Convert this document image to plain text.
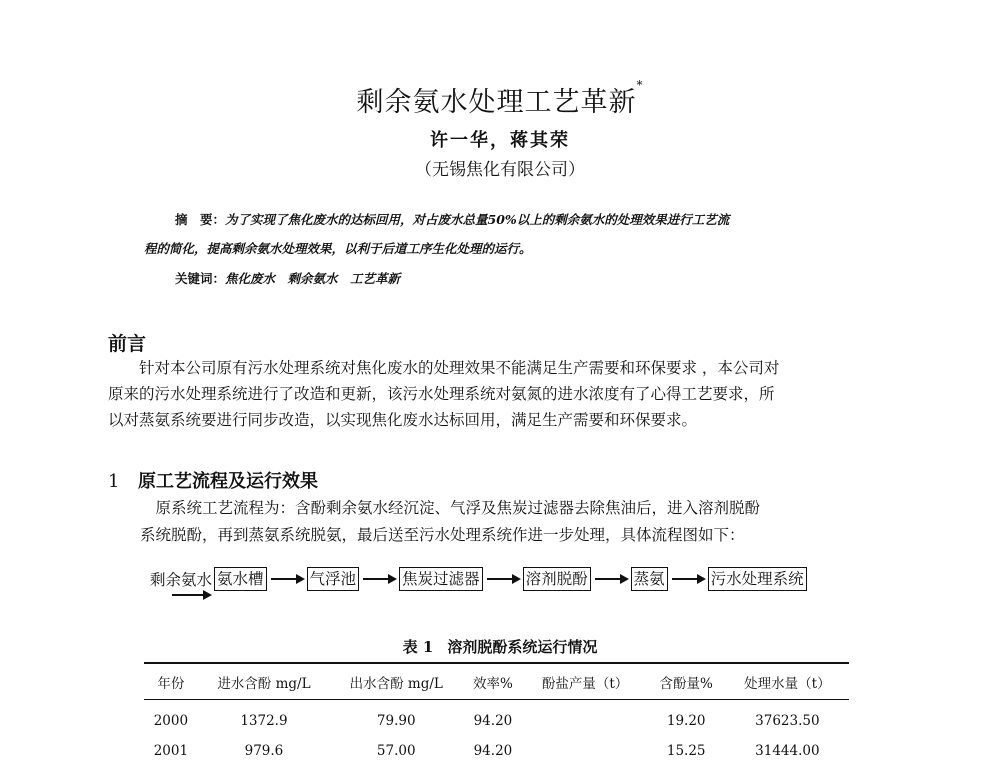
剩余氨水处理工艺革新*
许一华，蒋其荣
（无锡焦化有限公司）
摘　要：为了实现了焦化废水的达标回用，对占废水总量50%以上的剩余氨水的处理效果进行工艺流
程的简化，提高剩余氨水处理效果，以利于后道工序生化处理的运行。
关键词：焦化废水　剩余氨水　工艺革新
前言

　　针对本公司原有污水处理系统对焦化废水的处理效果不能满足生产需要和环保要求 ，本公司对

原来的污水处理系统进行了改造和更新，该污水处理系统对氨氮的进水浓度有了心得工艺要求，所

以对蒸氨系统要进行同步改造，以实现焦化废水达标回用，满足生产需要和环保要求。

1 原工艺流程及运行效果

　原系统工艺流程为：含酚剩余氨水经沉淀、气浮及焦炭过滤器去除焦油后，进入溶剂脱酚

系统脱酚，再到蒸氨系统脱氨，最后送至污水处理系统作进一步处理，具体流程图如下：

剩余氨水 氨水槽	气浮池	焦炭过滤器	溶剂脱酚	蒸氨	污水处理系统
表 1 溶剂脱酚系统运行情况
年份	进水含酚 mg/L	出水含酚 mg/L	效率%	酚盐产量（t）	含酚量%	处理水量（t）
2000	1372.9	79.90	94.20		19.20	37623.50
2001	979.6	57.00	94.20		15.25	31444.00
